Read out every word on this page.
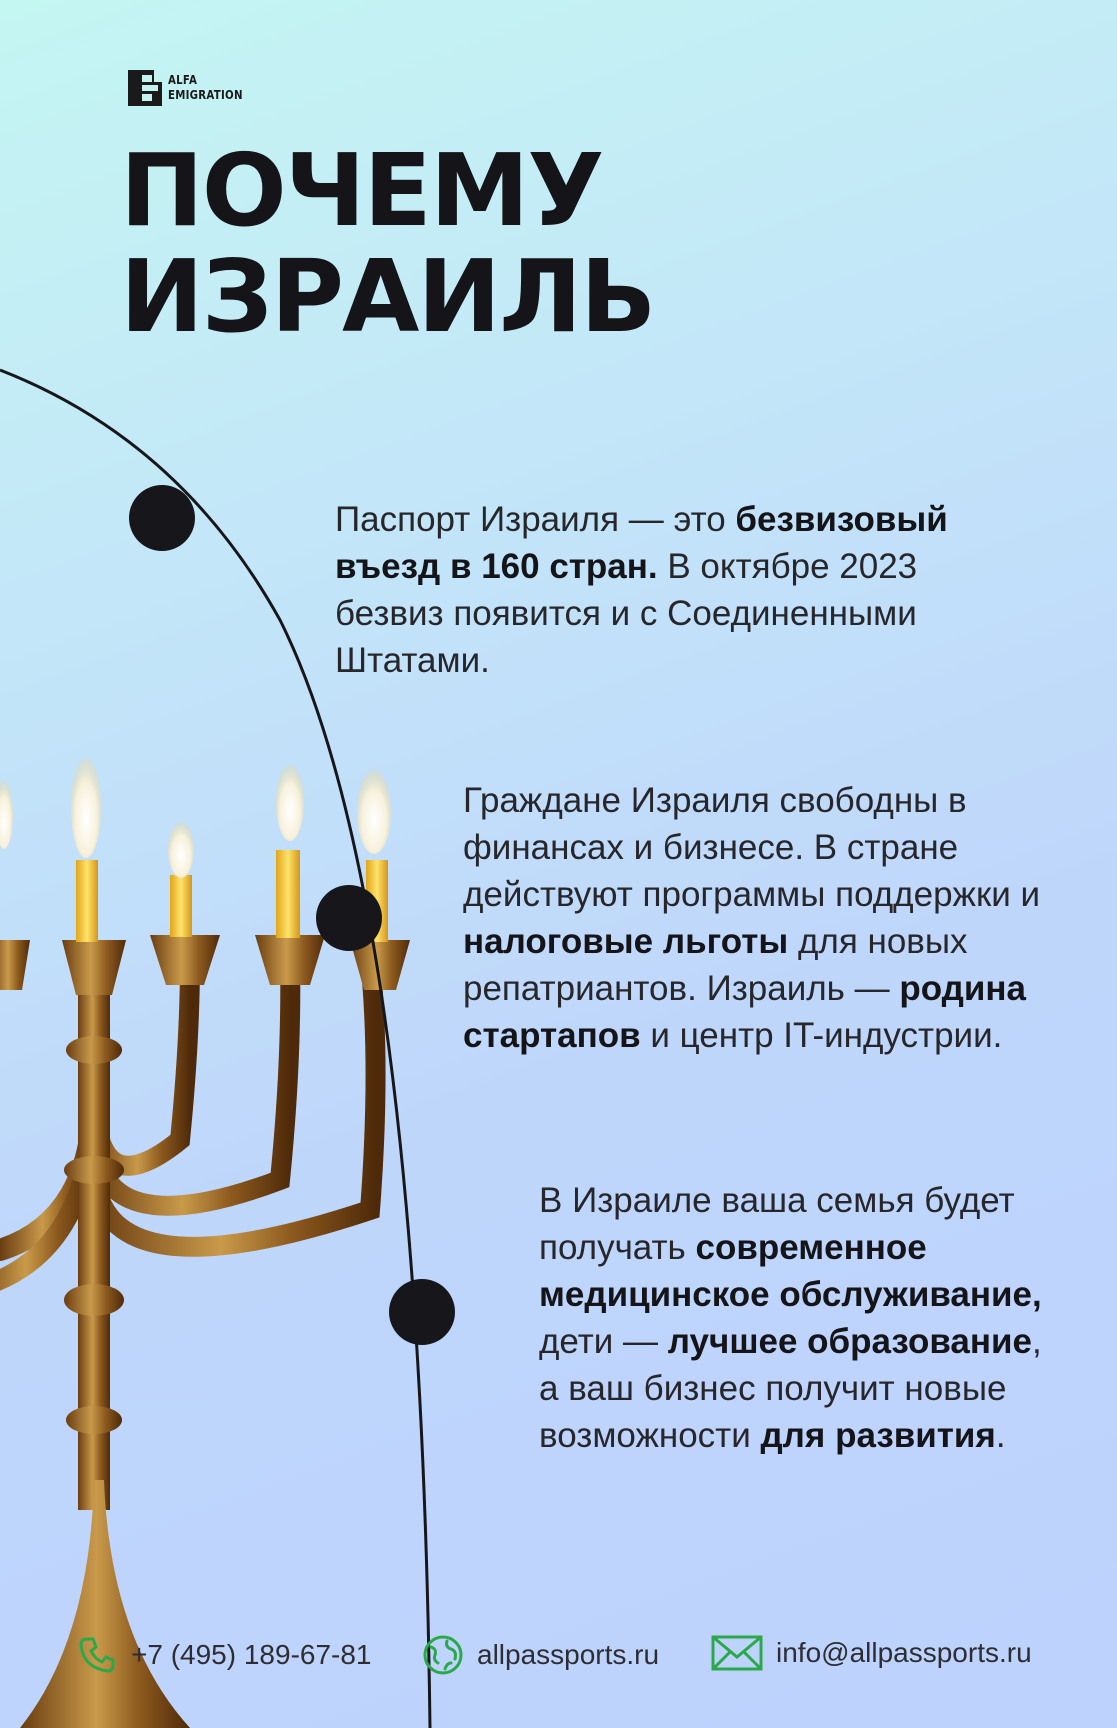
ALFA
EMIGRATION
ПОЧЕМУ
ИЗРАИЛЬ

Паспорт Израиля — это безвизовый въезд в 160 стран. В октябре 2023 безвиз появится и с Соединенными Штатами.

Граждане Израиля свободны в финансах и бизнесе. В стране действуют программы поддержки и налоговые льготы для новых репатриантов. Израиль — родина стартапов и центр IT-индустрии.

В Израиле ваша семья будет получать современное медицинское обслуживание, дети — лучшее образование, а ваш бизнес получит новые возможности для развития.

+7 (495) 189-67-81	allpassports.ru	info@allpassports.ru
